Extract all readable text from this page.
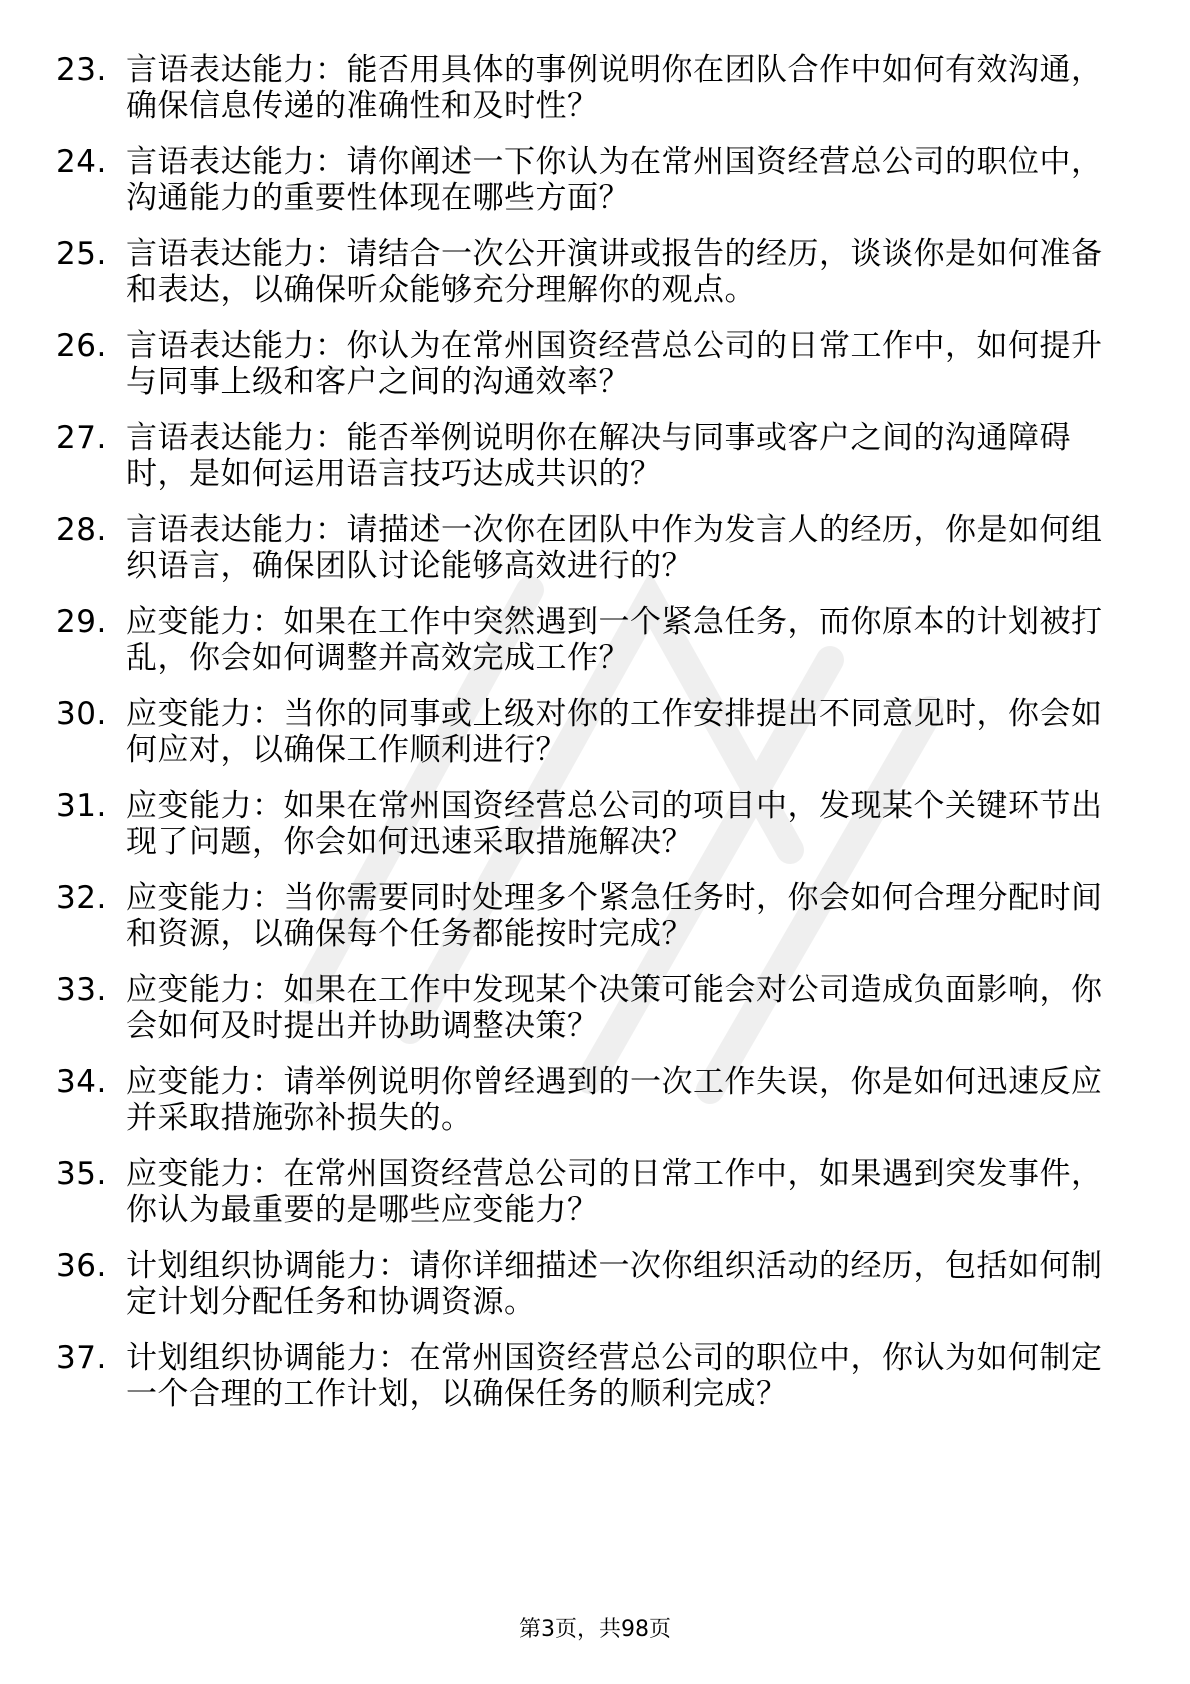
23. 言语表达能力：能否用具体的事例说明你在团队合作中如何有效沟通，确保信息传递的准确性和及时性？
24. 言语表达能力：请你阐述一下你认为在常州国资经营总公司的职位中，沟通能力的重要性体现在哪些方面？
25. 言语表达能力：请结合一次公开演讲或报告的经历，谈谈你是如何准备和表达，以确保听众能够充分理解你的观点。
26. 言语表达能力：你认为在常州国资经营总公司的日常工作中，如何提升与同事上级和客户之间的沟通效率？
27. 言语表达能力：能否举例说明你在解决与同事或客户之间的沟通障碍时，是如何运用语言技巧达成共识的？
28. 言语表达能力：请描述一次你在团队中作为发言人的经历，你是如何组织语言，确保团队讨论能够高效进行的？
29. 应变能力：如果在工作中突然遇到一个紧急任务，而你原本的计划被打乱，你会如何调整并高效完成工作？
30. 应变能力：当你的同事或上级对你的工作安排提出不同意见时，你会如何应对，以确保工作顺利进行？
31. 应变能力：如果在常州国资经营总公司的项目中，发现某个关键环节出现了问题，你会如何迅速采取措施解决？
32. 应变能力：当你需要同时处理多个紧急任务时，你会如何合理分配时间和资源，以确保每个任务都能按时完成？
33. 应变能力：如果在工作中发现某个决策可能会对公司造成负面影响，你会如何及时提出并协助调整决策？
34. 应变能力：请举例说明你曾经遇到的一次工作失误，你是如何迅速反应并采取措施弥补损失的。
35. 应变能力：在常州国资经营总公司的日常工作中，如果遇到突发事件，你认为最重要的是哪些应变能力？
36. 计划组织协调能力：请你详细描述一次你组织活动的经历，包括如何制定计划分配任务和协调资源。
37. 计划组织协调能力：在常州国资经营总公司的职位中，你认为如何制定一个合理的工作计划，以确保任务的顺利完成？
第3页，共98页
